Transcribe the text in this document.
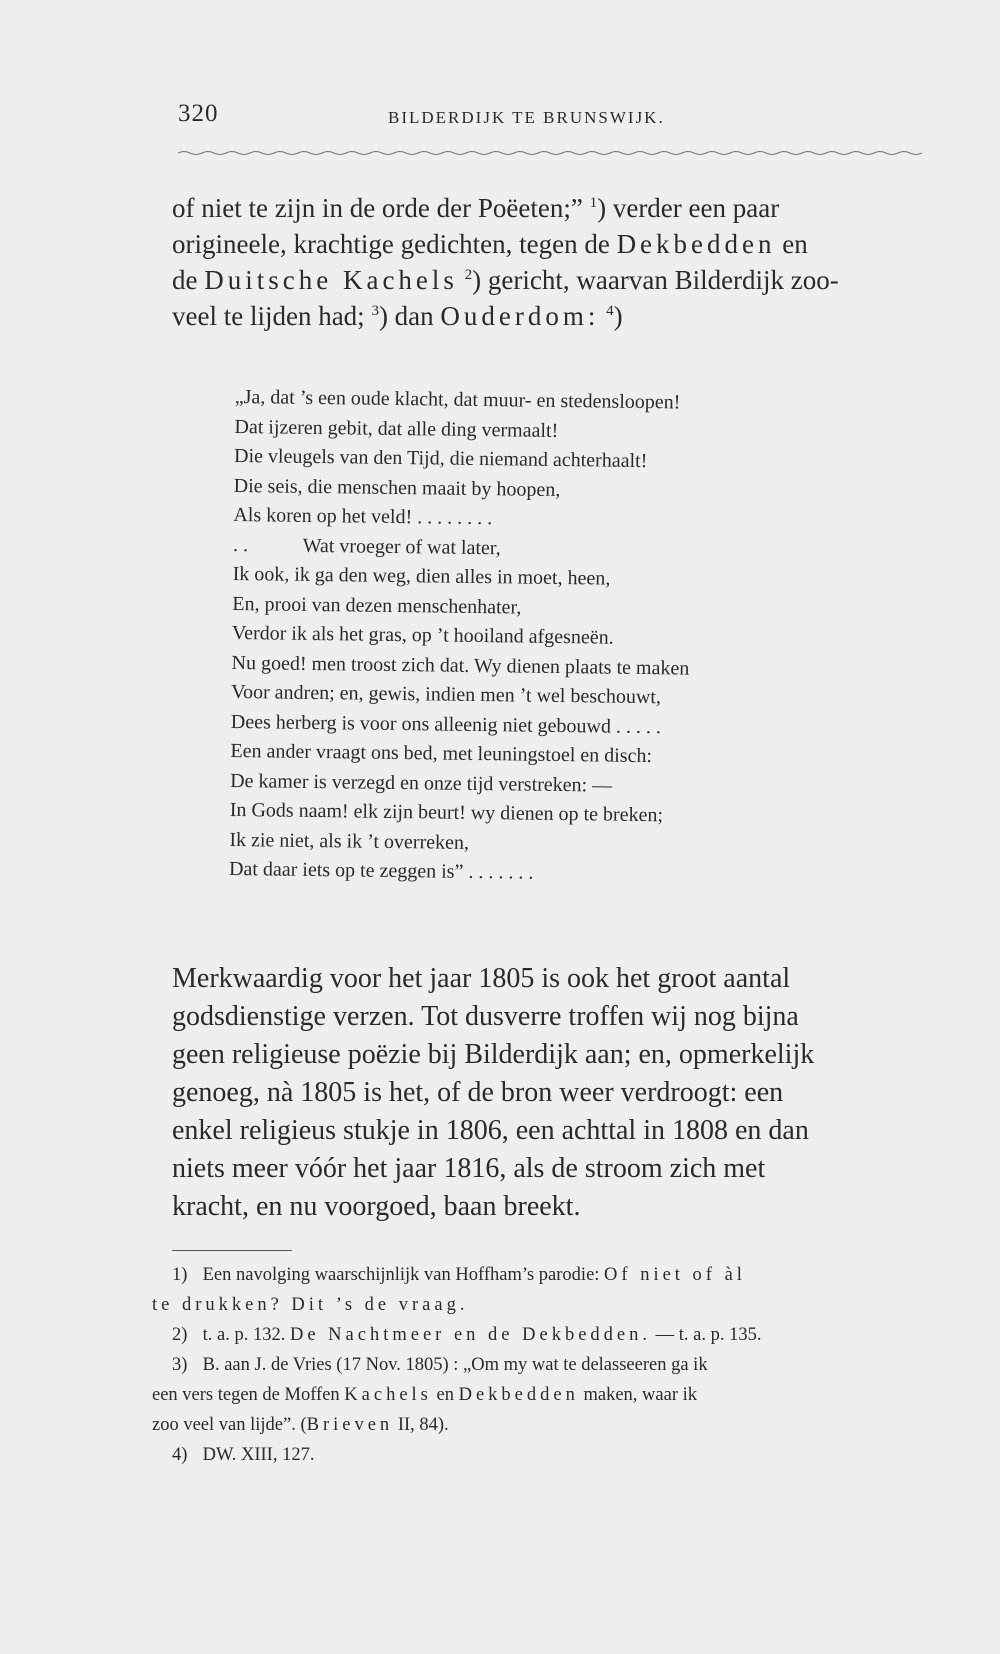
320	BILDERDIJK TE BRUNSWIJK.
of niet te zijn in de orde der Poëeten;” $^1$) verder een paar
origineele, krachtige gedichten, tegen de Dekbedden en
de Duitsche Kachels $^2$) gericht, waarvan Bilderdijk zoo-
veel te lijden had; $^3$) dan Ouderdom: $^4$)
„Ja, dat ’s een oude klacht, dat muur- en stedensloopen!
Dat ijzeren gebit, dat alle ding vermaalt!
Die vleugels van den Tijd, die niemand achterhaalt!
Die seis, die menschen maait by hoopen,
Als koren op het veld! . . . . . . . .
. .           Wat vroeger of wat later,
Ik ook, ik ga den weg, dien alles in moet, heen,
En, prooi van dezen menschenhater,
Verdor ik als het gras, op ’t hooiland afgesneën.
Nu goed! men troost zich dat. Wy dienen plaats te maken
Voor andren; en, gewis, indien men ’t wel beschouwt,
Dees herberg is voor ons alleenig niet gebouwd . . . . .
Een ander vraagt ons bed, met leuningstoel en disch:
De kamer is verzegd en onze tijd verstreken: —
In Gods naam! elk zijn beurt! wy dienen op te breken;
Ik zie niet, als ik ’t overreken,
Dat daar iets op te zeggen is” . . . . . . .
Merkwaardig voor het jaar 1805 is ook het groot aantal
godsdienstige verzen. Tot dusverre troffen wij nog bijna
geen religieuse poëzie bij Bilderdijk aan; en, opmerkelijk
genoeg, nà 1805 is het, of de bron weer verdroogt: een
enkel religieus stukje in 1806, een achttal in 1808 en dan
niets meer vóór het jaar 1816, als de stroom zich met
kracht, en nu voorgoed, baan breekt.
1) Een navolging waarschijnlijk van Hoffham’s parodie: Of niet of àl
te drukken? Dit ’s de vraag.
2) t. a. p. 132. De Nachtmeer en de Dekbedden. — t. a. p. 135.
3) B. aan J. de Vries (17 Nov. 1805) : „Om my wat te delasseeren ga ik
een vers tegen de Moffen Kachels en Dekbedden maken, waar ik
zoo veel van lijde”. (Brieven II, 84).
4) DW. XIII, 127.
